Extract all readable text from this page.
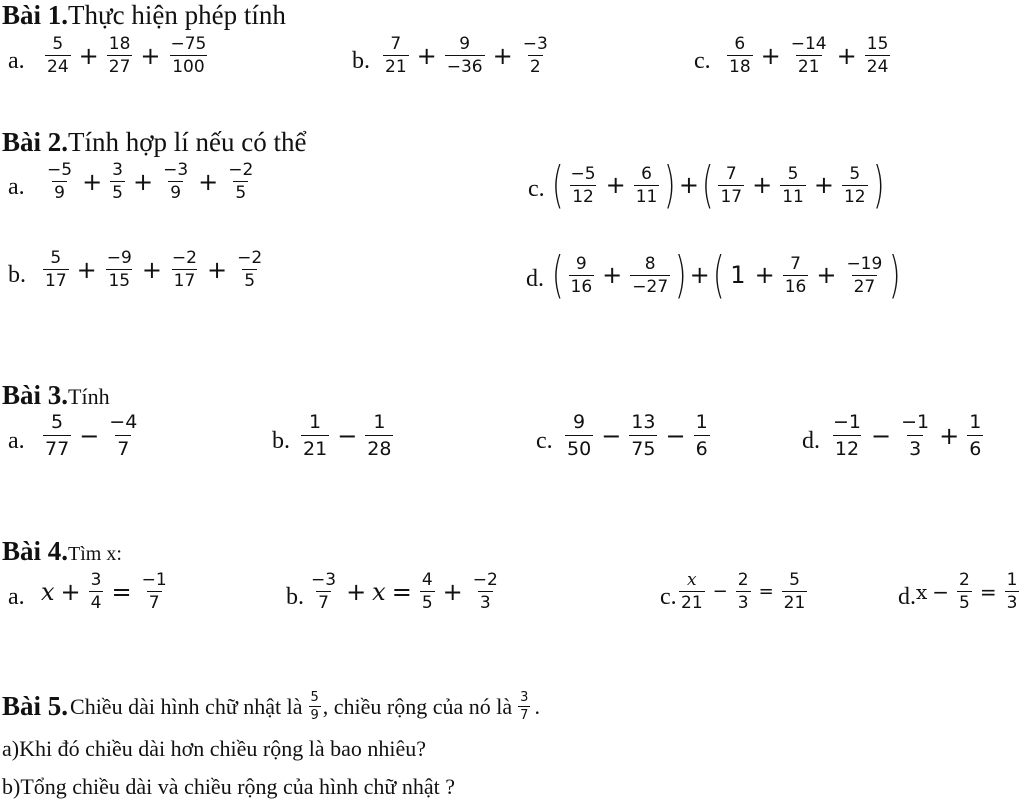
Bài 1.Thực hiện phép tính
a. $\frac{5}{24} + \frac{18}{27} + \frac{-75}{100}$	b. $\frac{7}{21} + \frac{9}{-36} + \frac{-3}{2}$	c. $\frac{6}{18} + \frac{-14}{21} + \frac{15}{24}$
Bài 2.Tính hợp lí nếu có thể
a. $\frac{-5}{9} + \frac{3}{5} + \frac{-3}{9} + \frac{-2}{5}$	c. ( $\frac{-5}{12} + \frac{6}{11}$ ) + ( $\frac{7}{17} + \frac{5}{11} + \frac{5}{12}$ )
b. $\frac{5}{17} + \frac{-9}{15} + \frac{-2}{17} + \frac{-2}{5}$	d. ( $\frac{9}{16} + \frac{8}{-27}$ ) + ( $1 + \frac{7}{16} + \frac{-19}{27}$ )
Bài 3.Tính
a. $\frac{5}{77} - \frac{-4}{7}$	b. $\frac{1}{21} - \frac{1}{28}$	c. $\frac{9}{50} - \frac{13}{75} - \frac{1}{6}$	d. $\frac{-1}{12} - \frac{-1}{3} + \frac{1}{6}$
Bài 4.Tìm x:
a. $x + \frac{3}{4} = \frac{-1}{7}$	b. $\frac{-3}{7} + x = \frac{4}{5} + \frac{-2}{3}$	c. $\frac{x}{21} - \frac{2}{3} = \frac{5}{21}$	d. $x - \frac{2}{5} = \frac{1}{3}$
Bài 5. Chiều dài hình chữ nhật là $\frac{5}{9}$ , chiều rộng của nó là $\frac{3}{7}$ .
a)Khi đó chiều dài hơn chiều rộng là bao nhiêu?
b)Tổng chiều dài và chiều rộng của hình chữ nhật ?
